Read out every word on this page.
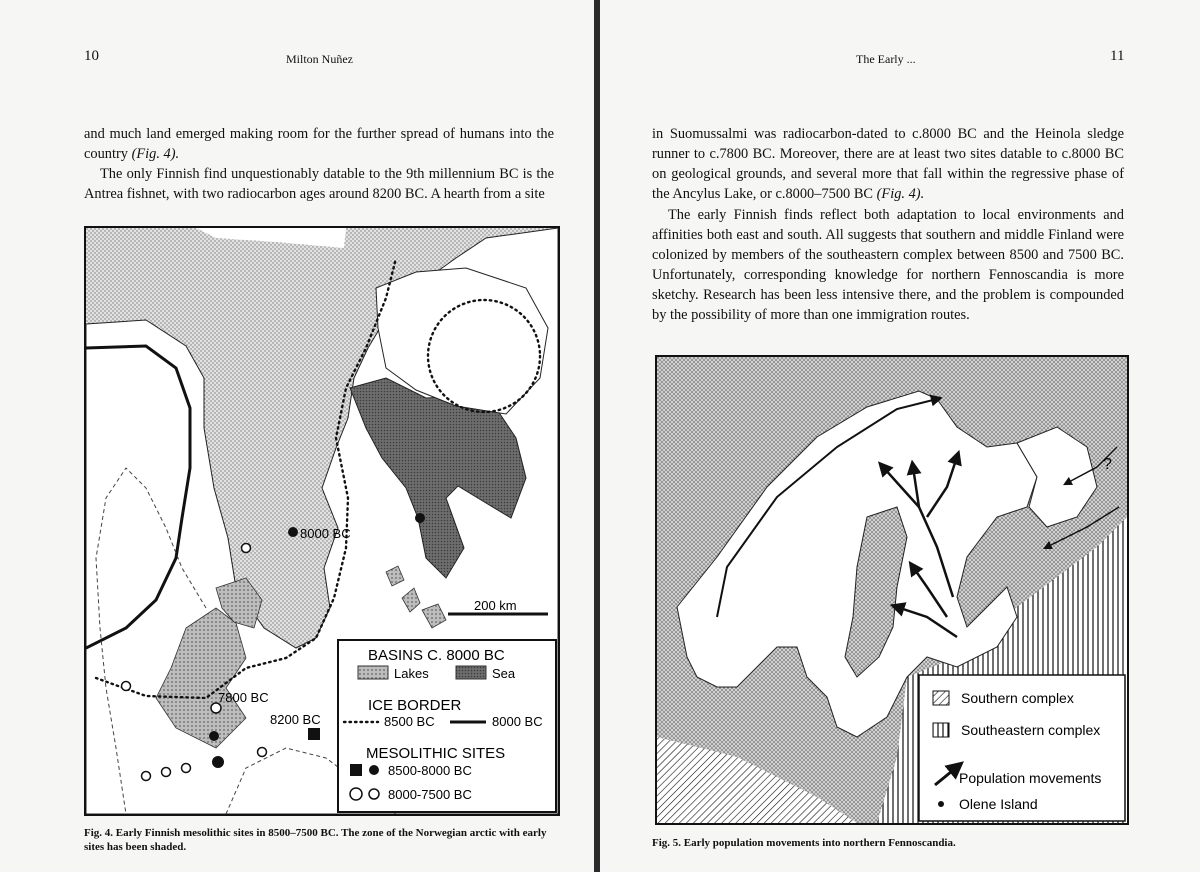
10	Milton Nuñez

and much land emerged making room for the further spread of humans into the country (Fig. 4).

The only Finnish find unquestionably datable to the 9th millennium BC is the Antrea fishnet, with two radiocarbon ages around 8200 BC. A hearth from a site

8000 BC
7800 BC
8200 BC
200 km
BASINS C. 8000 BC
Lakes	Sea
ICE BORDER
8500 BC	8000 BC
MESOLITHIC SITES
8500-8000 BC
8000-7500 BC

Fig. 4. Early Finnish mesolithic sites in 8500–7500 BC. The zone of the Norwegian arctic with early sites has been shaded.

The Early ...	11

in Suomussalmi was radiocarbon-dated to c.8000 BC and the Heinola sledge runner to c.7800 BC. Moreover, there are at least two sites datable to c.8000 BC on geological grounds, and several more that fall within the regressive phase of the Ancylus Lake, or c.8000–7500 BC (Fig. 4).

The early Finnish finds reflect both adaptation to local environments and affinities both east and south. All suggests that southern and middle Finland were colonized by members of the southeastern complex between 8500 and 7500 BC. Unfortunately, corresponding knowledge for northern Fennoscandia is more sketchy. Research has been less intensive there, and the problem is compounded by the possibility of more than one immigration routes.

?
Southern complex
Southeastern complex
Population movements
Olene Island

Fig. 5. Early population movements into northern Fennoscandia.
